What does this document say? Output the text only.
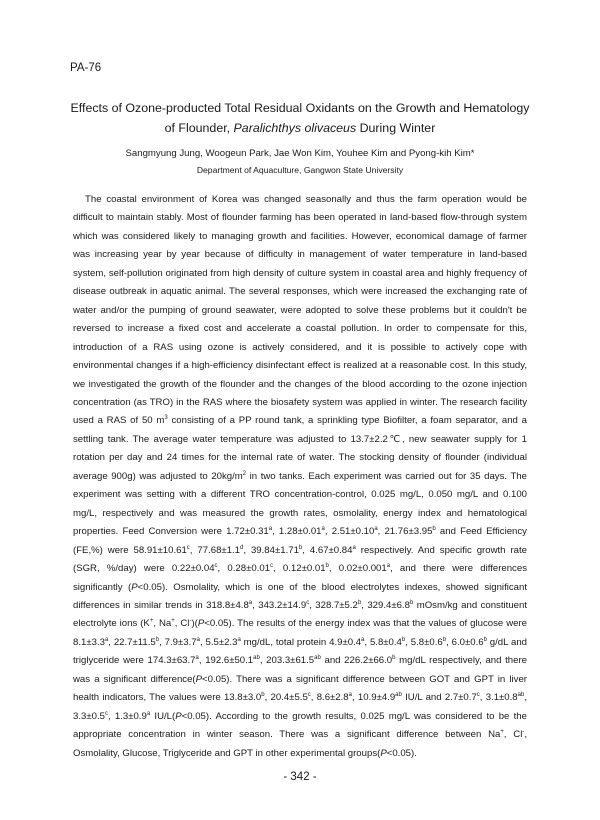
PA-76
Effects of Ozone-producted Total Residual Oxidants on the Growth and Hematology
of Flounder, Paralichthys olivaceus During Winter
Sangmyung Jung, Woogeun Park, Jae Won Kim, Youhee Kim and Pyong-kih Kim*
Department of Aquaculture, Gangwon State University

The coastal environment of Korea was changed seasonally and thus the farm operation would be difficult to maintain stably. Most of flounder farming has been operated in land-based flow-through system which was considered likely to managing growth and facilities. However, economical damage of farmer was increasing year by year because of difficulty in management of water temperature in land-based system, self-pollution originated from high density of culture system in coastal area and highly frequency of disease outbreak in aquatic animal. The several responses, which were increased the exchanging rate of water and/or the pumping of ground seawater, were adopted to solve these problems but it couldn't be reversed to increase a fixed cost and accelerate a coastal pollution. In order to compensate for this, introduction of a RAS using ozone is actively considered, and it is possible to actively cope with environmental changes if a high-efficiency disinfectant effect is realized at a reasonable cost. In this study, we investigated the growth of the flounder and the changes of the blood according to the ozone injection concentration (as TRO) in the RAS where the biosafety system was applied in winter. The research facility used a RAS of 50 $m^3$ consisting of a PP round tank, a sprinkling type Biofilter, a foam separator, and a settling tank. The average water temperature was adjusted to 13.7±2.2℃, new seawater supply for 1 rotation per day and 24 times for the internal rate of water. The stocking density of flounder (individual average 900g) was adjusted to $20kg/m^2$ in two tanks. Each experiment was carried out for 35 days. The experiment was setting with a different TRO concentration-control, 0.025 mg/L, 0.050 mg/L and 0.100 mg/L, respectively and was measured the growth rates, osmolality, energy index and hematological properties. Feed Conversion were 1.72±0.31$^a$, 1.28±0.01$^a$, 2.51±0.10$^a$, 21.76±3.95$^b$ and Feed Efficiency (FE,%) were 58.91±10.61$^c$, 77.68±1.1$^d$, 39.84±1.71$^b$, 4.67±0.84$^a$ respectively. And specific growth rate (SGR, %/day) were 0.22±0.04$^c$, 0.28±0.01$^c$, 0.12±0.01$^b$, 0.02±0.001$^a$, and there were differences significantly (P<0.05). Osmolality, which is one of the blood electrolytes indexes, showed significant differences in similar trends in 318.8±4.8$^a$, 343.2±14.9$^c$, 328.7±5.2$^b$, 329.4±6.8$^b$ mOsm/kg and constituent electrolyte ions (K+, Na+, Cl-)(P<0.05). The results of the energy index was that the values of glucose were 8.1±3.3$^a$, 22.7±11.5$^b$, 7.9±3.7$^a$, 5.5±2.3$^a$ mg/dL, total protein 4.9±0.4$^a$, 5.8±0.4$^b$, 5.8±0.6$^b$, 6.0±0.6$^b$ g/dL and triglyceride were 174.3±63.7$^a$, 192.6±50.1$^{ab}$, 203.3±61.5$^{ab}$ and 226.2±66.0$^b$ mg/dL respectively, and there was a significant difference(P<0.05). There was a significant difference between GOT and GPT in liver health indicators, The values were 13.8±3.0$^b$, 20.4±5.5$^c$, 8.6±2.8$^a$, 10.9±4.9$^{ab}$ IU/L and 2.7±0.7$^c$, 3.1±0.8$^{ab}$, 3.3±0.5$^c$, 1.3±0.9$^a$ IU/L(P<0.05). According to the growth results, 0.025 mg/L was considered to be the appropriate concentration in winter season. There was a significant difference between Na+, Cl-, Osmolality, Glucose, Triglyceride and GPT in other experimental groups(P<0.05).

- 342 -
